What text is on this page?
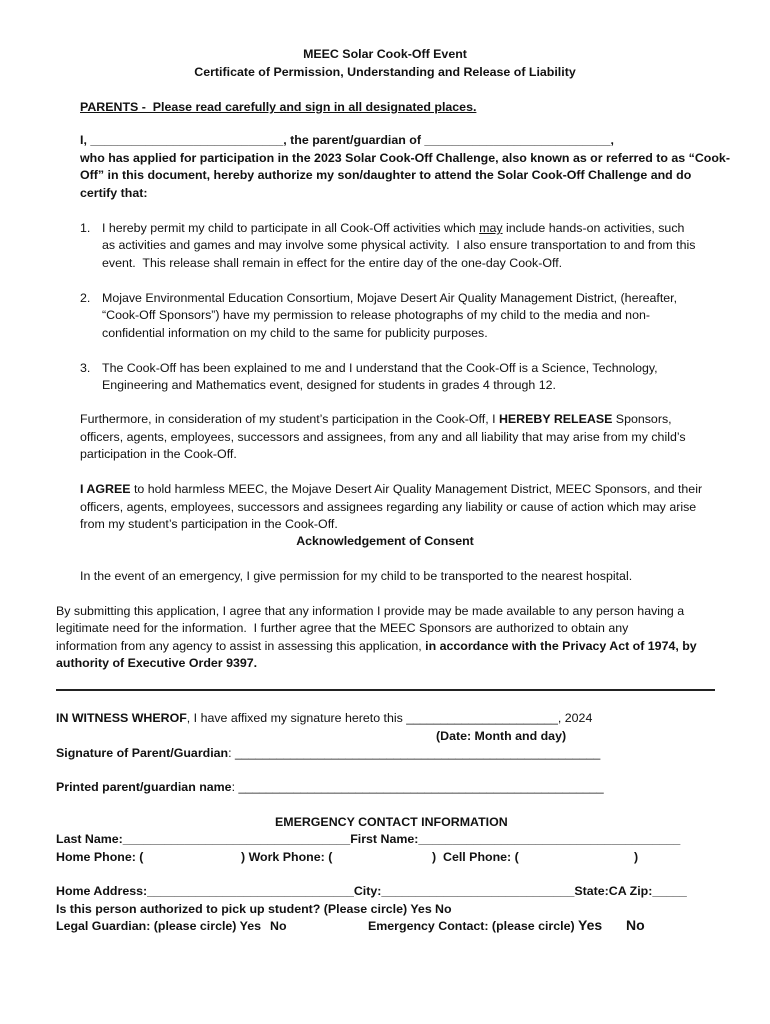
MEEC Solar Cook-Off Event
Certificate of Permission, Understanding and Release of Liability
PARENTS -  Please read carefully and sign in all designated places.
I, ____________________________, the parent/guardian of ___________________________,
who has applied for participation in the 2023 Solar Cook-Off Challenge, also known as or referred to as “Cook-
Off” in this document, hereby authorize my son/daughter to attend the Solar Cook-Off Challenge and do
certify that:
1. I hereby permit my child to participate in all Cook-Off activities which may include hands-on activities, such
as activities and games and may involve some physical activity.  I also ensure transportation to and from this
event.  This release shall remain in effect for the entire day of the one-day Cook-Off.
2. Mojave Environmental Education Consortium, Mojave Desert Air Quality Management District, (hereafter,
“Cook-Off Sponsors”) have my permission to release photographs of my child to the media and non-
confidential information on my child to the same for publicity purposes.
3. The Cook-Off has been explained to me and I understand that the Cook-Off is a Science, Technology,
Engineering and Mathematics event, designed for students in grades 4 through 12.
Furthermore, in consideration of my student’s participation in the Cook-Off, I HEREBY RELEASE Sponsors,
officers, agents, employees, successors and assignees, from any and all liability that may arise from my child’s
participation in the Cook-Off.
I AGREE to hold harmless MEEC, the Mojave Desert Air Quality Management District, MEEC Sponsors, and their
officers, agents, employees, successors and assignees regarding any liability or cause of action which may arise
from my student’s participation in the Cook-Off.
Acknowledgement of Consent
In the event of an emergency, I give permission for my child to be transported to the nearest hospital.
By submitting this application, I agree that any information I provide may be made available to any person having a
legitimate need for the information.  I further agree that the MEEC Sponsors are authorized to obtain any
information from any agency to assist in assessing this application, in accordance with the Privacy Act of 1974, by
authority of Executive Order 9397.
IN WITNESS WHEROF, I have affixed my signature hereto this ______________________, 2024
(Date: Month and day)
Signature of Parent/Guardian: _____________________________________________________
Printed parent/guardian name: _____________________________________________________
EMERGENCY CONTACT INFORMATION
Last Name:_________________________________First Name:______________________________________
Home Phone: (	) Work Phone: (	)  Cell Phone: (	)
Home Address:______________________________City:____________________________State:CA Zip:_____
Is this person authorized to pick up student? (Please circle) Yes No
Legal Guardian: (please circle) Yes No	Emergency Contact: (please circle) Yes No
